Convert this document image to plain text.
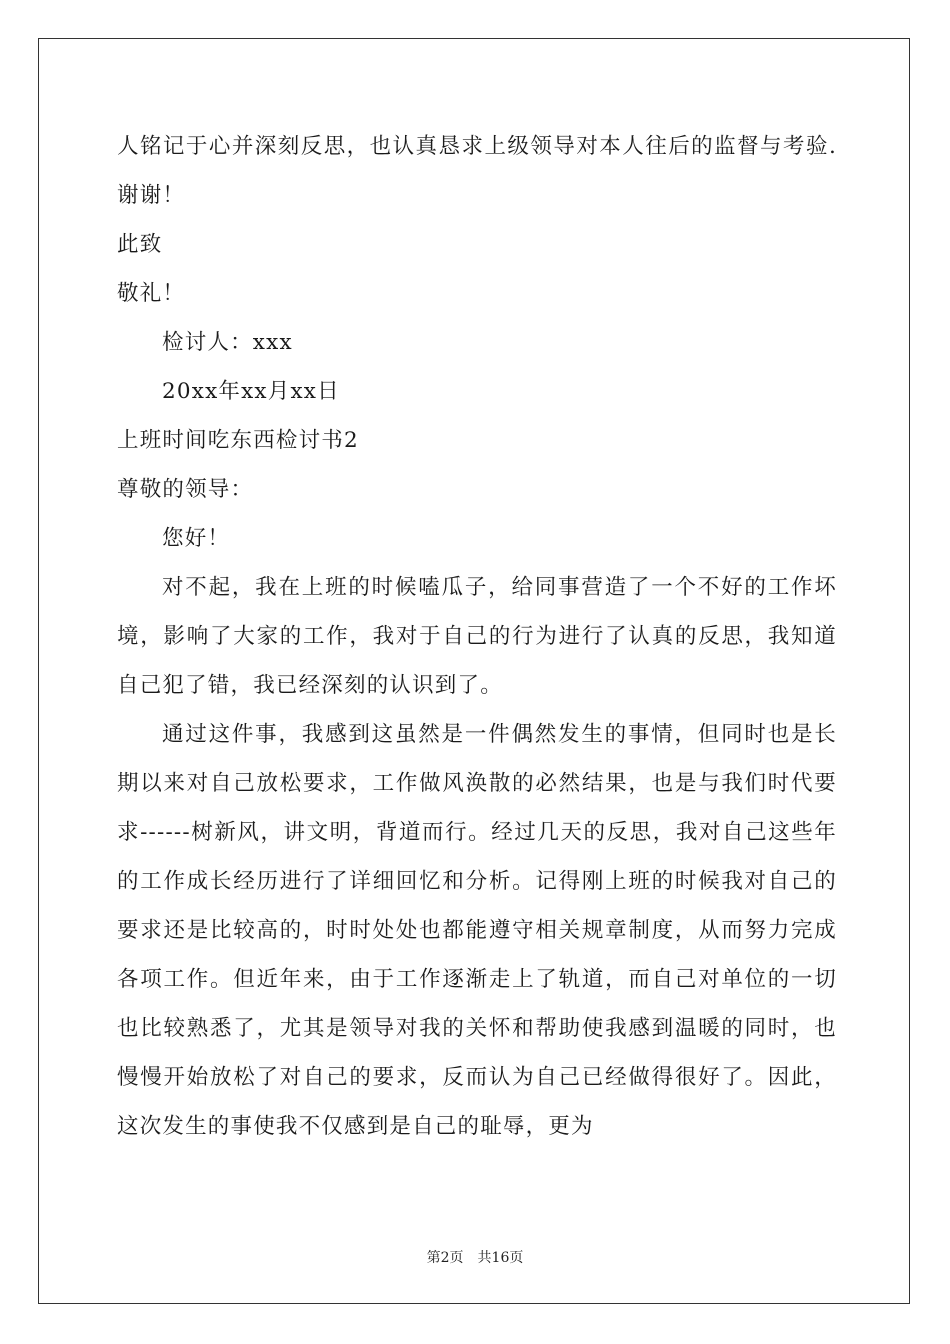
人铭记于心并深刻反思，也认真恳求上级领导对本人往后的监督与考验.谢谢！

此致

敬礼！

检讨人：xxx

20xx年xx月xx日

上班时间吃东西检讨书2

尊敬的领导：

您好！

对不起，我在上班的时候嗑瓜子，给同事营造了一个不好的工作坏境，影响了大家的工作，我对于自己的行为进行了认真的反思，我知道自己犯了错，我已经深刻的认识到了。

通过这件事，我感到这虽然是一件偶然发生的事情，但同时也是长期以来对自己放松要求，工作做风涣散的必然结果，也是与我们时代要求------树新风，讲文明，背道而行。经过几天的反思，我对自己这些年的工作成长经历进行了详细回忆和分析。记得刚上班的时候我对自己的要求还是比较高的，时时处处也都能遵守相关规章制度，从而努力完成各项工作。但近年来，由于工作逐渐走上了轨道，而自己对单位的一切也比较熟悉了，尤其是领导对我的关怀和帮助使我感到温暖的同时，也慢慢开始放松了对自己的要求，反而认为自己已经做得很好了。因此，这次发生的事使我不仅感到是自己的耻辱，更为

第2页　共16页
